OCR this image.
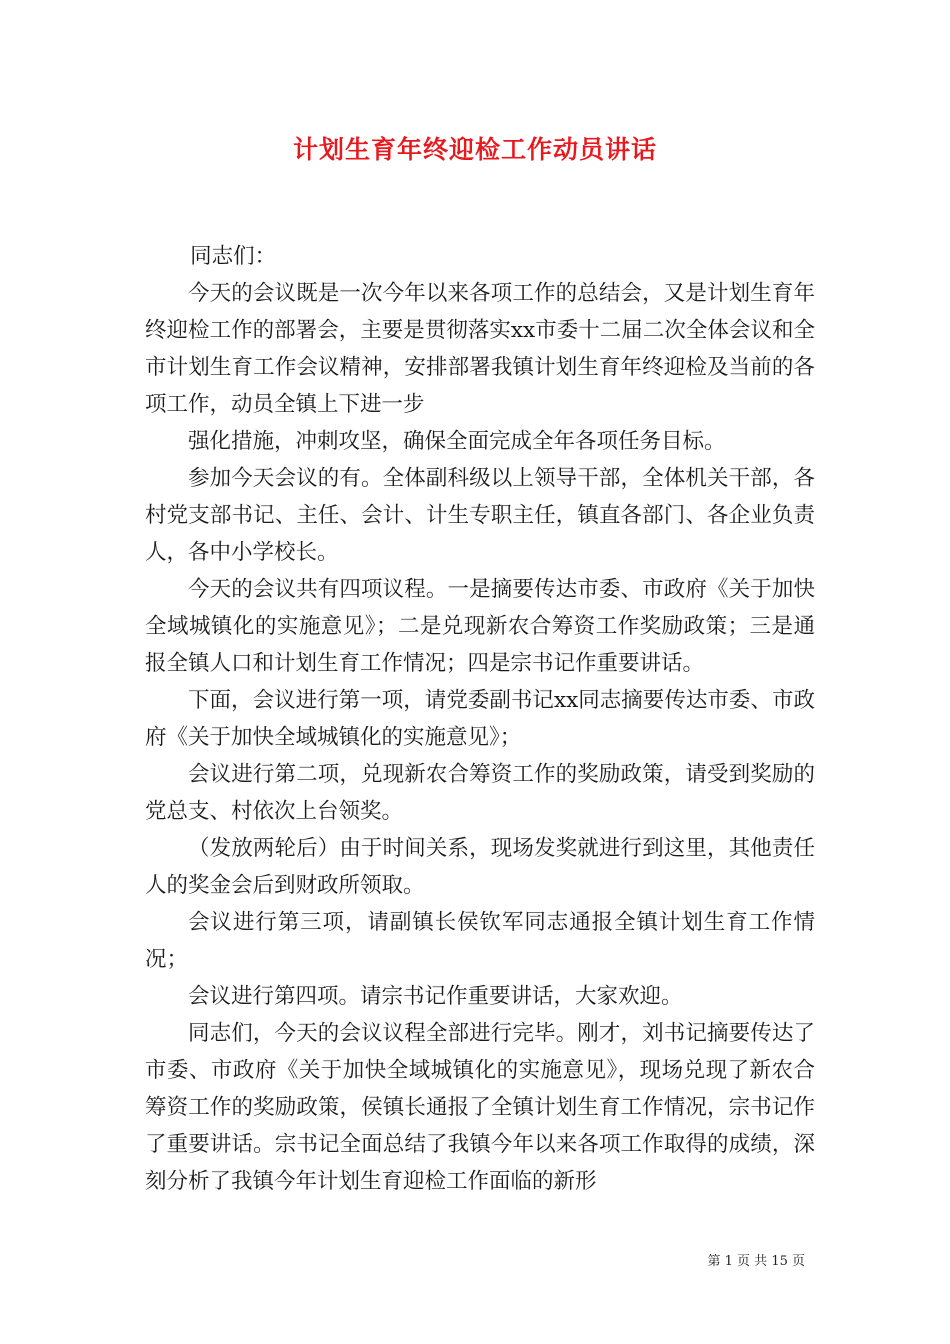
计划生育年终迎检工作动员讲话

同志们：

今天的会议既是一次今年以来各项工作的总结会，又是计划生育年终迎检工作的部署会，主要是贯彻落实xx市委十二届二次全体会议和全市计划生育工作会议精神，安排部署我镇计划生育年终迎检及当前的各项工作，动员全镇上下进一步

强化措施，冲刺攻坚，确保全面完成全年各项任务目标。

参加今天会议的有。全体副科级以上领导干部，全体机关干部，各村党支部书记、主任、会计、计生专职主任，镇直各部门、各企业负责人，各中小学校长。

今天的会议共有四项议程。一是摘要传达市委、市政府《关于加快全域城镇化的实施意见》；二是兑现新农合筹资工作奖励政策；三是通报全镇人口和计划生育工作情况；四是宗书记作重要讲话。

下面，会议进行第一项，请党委副书记xx同志摘要传达市委、市政府《关于加快全域城镇化的实施意见》；

会议进行第二项，兑现新农合筹资工作的奖励政策，请受到奖励的党总支、村依次上台领奖。

（发放两轮后）由于时间关系，现场发奖就进行到这里，其他责任人的奖金会后到财政所领取。

会议进行第三项，请副镇长侯钦军同志通报全镇计划生育工作情况；

会议进行第四项。请宗书记作重要讲话，大家欢迎。

同志们，今天的会议议程全部进行完毕。刚才，刘书记摘要传达了市委、市政府《关于加快全域城镇化的实施意见》，现场兑现了新农合筹资工作的奖励政策，侯镇长通报了全镇计划生育工作情况，宗书记作了重要讲话。宗书记全面总结了我镇今年以来各项工作取得的成绩，深刻分析了我镇今年计划生育迎检工作面临的新形

第 1 页 共 15 页
